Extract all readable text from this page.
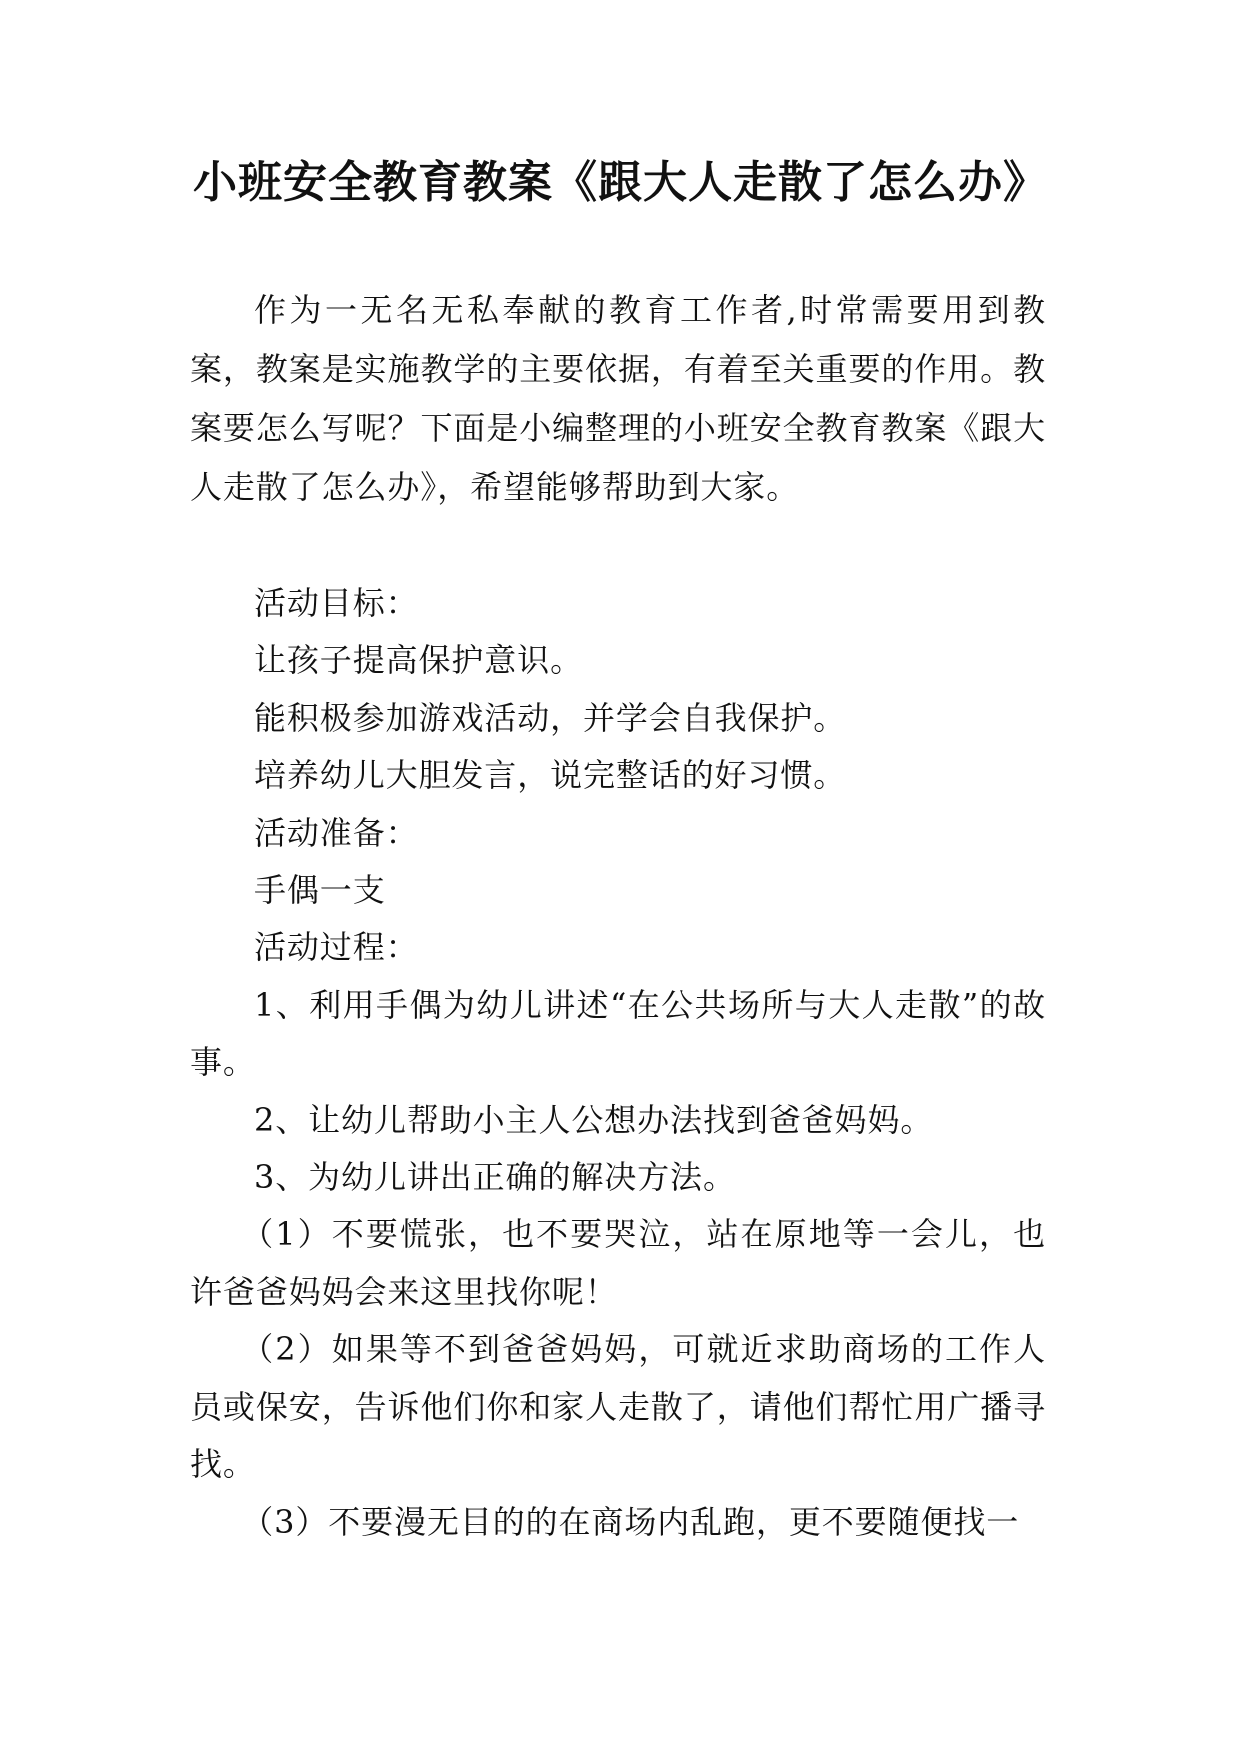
小班安全教育教案《跟大人走散了怎么办》

作为一无名无私奉献的教育工作者,时常需要用到教案，教案是实施教学的主要依据，有着至关重要的作用。教案要怎么写呢？下面是小编整理的小班安全教育教案《跟大人走散了怎么办》，希望能够帮助到大家。

活动目标：

让孩子提高保护意识。

能积极参加游戏活动，并学会自我保护。

培养幼儿大胆发言，说完整话的好习惯。

活动准备：

手偶一支

活动过程：

1、利用手偶为幼儿讲述“在公共场所与大人走散”的故事。

2、让幼儿帮助小主人公想办法找到爸爸妈妈。

3、为幼儿讲出正确的解决方法。

（1）不要慌张，也不要哭泣，站在原地等一会儿，也许爸爸妈妈会来这里找你呢！

（2）如果等不到爸爸妈妈，可就近求助商场的工作人员或保安，告诉他们你和家人走散了，请他们帮忙用广播寻找。

（3）不要漫无目的的在商场内乱跑，更不要随便找一
